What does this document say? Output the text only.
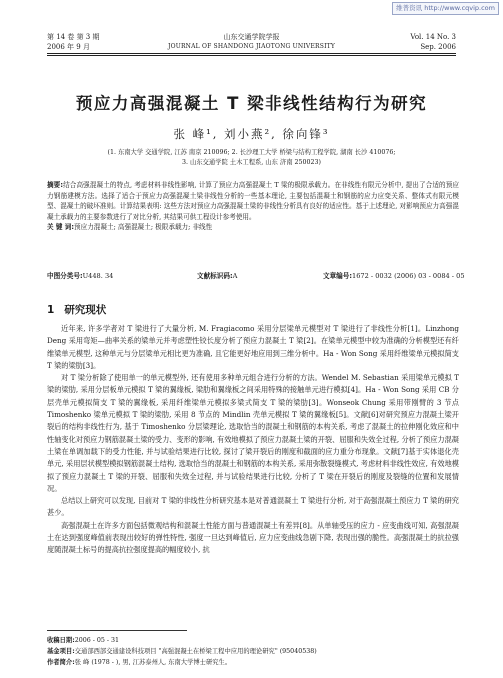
维普资讯 http://www.cqvip.com
第 14 卷 第 3 期
2006 年 9 月
山东交通学院学报
JOURNAL OF SHANDONG JIAOTONG UNIVERSITY
Vol. 14 No. 3
Sep. 2006
预应力高强混凝土 T 梁非线性结构行为研究
张 峰¹, 刘小燕², 徐向锋³
(1. 东南大学 交通学院, 江苏 南京 210096; 2. 长沙理工大学 桥梁与结构工程学院, 湖南 长沙 410076;
3. 山东交通学院 土木工程系, 山东 济南 250023)

摘要:结合高强混凝土的特点, 考虑材料非线性影响, 计算了预应力高强混凝土 T 梁的极限承载力。在非线性有限元分析中, 提出了合适的预应力钢筋建模方法。选择了适合于预应力高强混凝土梁非线性分析的一些基本理论, 主要包括混凝土和钢筋的应力应变关系、整体式有限元模型、混凝土的破坏准则。计算结果表明: 这些方法对预应力高强混凝土梁的非线性分析具有良好的适应性。基于上述理论, 对影响预应力高强混凝土承载力的主要参数进行了对比分析, 其结果可供工程设计参考使用。

关 键 词:预应力混凝土; 高强混凝土; 极限承载力; 非线性

中图分类号:U448. 34	文献标识码:A	文章编号:1672 - 0032 (2006) 03 - 0084 - 05
1 研究现状

近年来, 许多学者对 T 梁进行了大量分析, M. Fragiacomo 采用分层梁单元模型对 T 梁进行了非线性分析[1]。Linzhong Deng 采用弯矩—曲率关系的梁单元并考虑塑性铰长度分析了预应力混凝土 T 梁[2]。在梁单元模型中较为准确的分析模型还有纤维梁单元模型, 这种单元与分层梁单元相比更为准确, 且它能更好地应用到三维分析中。Ha - Won Song 采用纤维梁单元模拟简支 T 梁的梁肋[3]。

对 T 梁分析除了使用单一的单元模型外, 还有使用多种单元组合进行分析的方法。Wendel M. Sebastian 采用梁单元模拟 T 梁的梁肋, 采用分层板单元模拟 T 梁的翼缘板, 梁肋和翼缘板之间采用特殊的接触单元进行模拟[4]。Ha - Won Song 采用 CB 分层壳单元模拟简支 T 梁的翼缘板, 采用纤维梁单元模拟多梁式简支 T 梁的梁肋[3]。Wonseok Chung 采用带刚臂的 3 节点 Timoshenko 梁单元模拟 T 梁的梁肋, 采用 8 节点的 Mindlin 壳单元模拟 T 梁的翼缘板[5]。文献[6]对研究预应力混凝土梁开裂后的结构非线性行为, 基于 Timoshenko 分层梁理论, 选取恰当的混凝土和钢筋的本构关系, 考虑了混凝土的拉伸刚化效应和中性轴变化对预应力钢筋混凝土梁的受力、变形的影响, 有效地模拟了预应力混凝土梁的开裂、屈服和失效全过程, 分析了预应力混凝土梁在单调加载下的受力性能, 并与试验结果进行比较, 探讨了梁开裂后的刚度和截面的应力重分布现象。文献[7]基于实体退化壳单元, 采用层状模型模拟钢筋混凝土结构, 选取恰当的混凝土和钢筋的本构关系, 采用弥散裂缝模式, 考虑材料非线性效应, 有效地模拟了预应力混凝土 T 梁的开裂、屈服和失效全过程, 并与试验结果进行比较, 分析了 T 梁在开裂后的刚度及裂缝的位置和发展情况。

总结以上研究可以发现, 目前对 T 梁的非线性分析研究基本是对普通混凝土 T 梁进行分析, 对于高强混凝土预应力 T 梁的研究甚少。

高强混凝土在许多方面包括微观结构和混凝土性能方面与普通混凝土有差异[8]。从单轴受压的应力 - 应变曲线可知, 高强混凝土在达到强度峰值前表现出较好的弹性特性, 强度一旦达到峰值后, 应力应变曲线急剧下降, 表现出强的脆性。高强混凝土的抗拉强度随混凝土标号的提高抗拉强度提高的幅度较小, 抗

收稿日期:2006 - 05 - 31
基金项目:交通部西部交通建设科技项目 "高强混凝土在桥梁工程中应用的理论研究" (95040538)
作者简介:张 峰 (1978 - ), 男, 江苏泰州人, 东南大学博士研究生。
